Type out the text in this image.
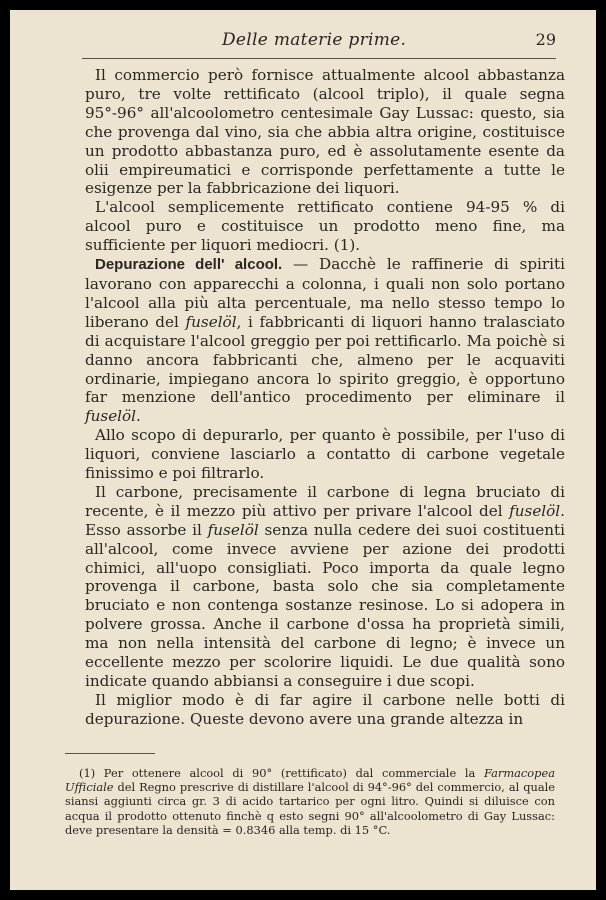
Delle materie prime.	29

Il commercio però fornisce attualmente alcool abbastanza puro, tre volte rettificato (alcool triplo), il quale segna 95°-96° all'alcoolometro centesimale Gay Lussac: questo, sia che provenga dal vino, sia che abbia altra origine, costituisce un prodotto abbastanza puro, ed è assolutamente esente da olii empireumatici e corrisponde perfettamente a tutte le esigenze per la fabbricazione dei liquori.

L'alcool semplicemente rettificato contiene 94-95 % di alcool puro e costituisce un prodotto meno fine, ma sufficiente per liquori mediocri. (1).

Depurazione dell' alcool. — Dacchè le raffinerie di spiriti lavorano con apparecchi a colonna, i quali non solo portano l'alcool alla più alta percentuale, ma nello stesso tempo lo liberano del fuselöl, i fabbricanti di liquori hanno tralasciato di acquistare l'alcool greggio per poi rettificarlo. Ma poichè si danno ancora fabbricanti che, almeno per le acquaviti ordinarie, impiegano ancora lo spirito greggio, è opportuno far menzione dell'antico procedimento per eliminare il fuselöl.

Allo scopo di depurarlo, per quanto è possibile, per l'uso di liquori, conviene lasciarlo a contatto di carbone vegetale finissimo e poi filtrarlo.

Il carbone, precisamente il carbone di legna bruciato di recente, è il mezzo più attivo per privare l'alcool del fuselöl. Esso assorbe il fuselöl senza nulla cedere dei suoi costituenti all'alcool, come invece avviene per azione dei prodotti chimici, all'uopo consigliati. Poco importa da quale legno provenga il carbone, basta solo che sia completamente bruciato e non contenga sostanze resinose. Lo si adopera in polvere grossa. Anche il carbone d'ossa ha proprietà simili, ma non nella intensità del carbone di legno; è invece un eccellente mezzo per scolorire liquidi. Le due qualità sono indicate quando abbiansi a conseguire i due scopi.

Il miglior modo è di far agire il carbone nelle botti di depurazione. Queste devono avere una grande altezza in

(1) Per ottenere alcool di 90° (rettificato) dal commerciale la Farmacopea Ufficiale del Regno prescrive di distillare l'alcool di 94°-96° del commercio, al quale siansi aggiunti circa gr. 3 di acido tartarico per ogni litro. Quindi si diluisce con acqua il prodotto ottenuto finchè q esto segni 90° all'alcoolometro di Gay Lussac: deve presentare la densità = 0.8346 alla temp. di 15 °C.
